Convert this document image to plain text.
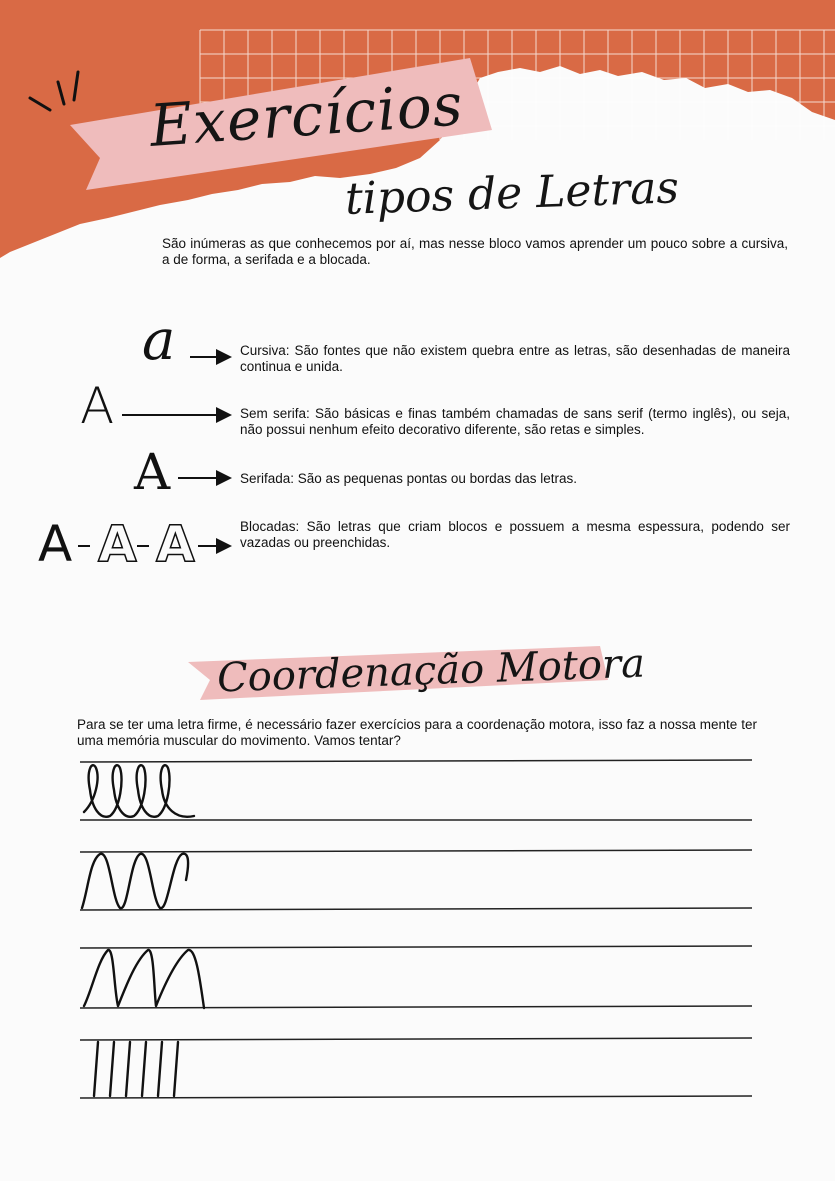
Exercícios
tipos de Letras
São inúmeras as que conhecemos por aí, mas nesse bloco vamos aprender um pouco sobre a cursiva, a de forma, a serifada e a blocada.
a
A
A
A A A
Cursiva: São fontes que não existem quebra entre as letras, são desenhadas de maneira continua e unida.
Sem serifa: São básicas e finas também chamadas de sans serif (termo inglês), ou seja, não possui nenhum efeito decorativo diferente, são retas e simples.
Serifada: São as pequenas pontas ou bordas das letras.
Blocadas: São letras que criam blocos e possuem a mesma espessura, podendo ser vazadas ou preenchidas.
Coordenação Motora
Para se ter uma letra firme, é necessário fazer exercícios para a coordenação motora, isso faz a nossa mente ter uma memória muscular do movimento. Vamos tentar?
